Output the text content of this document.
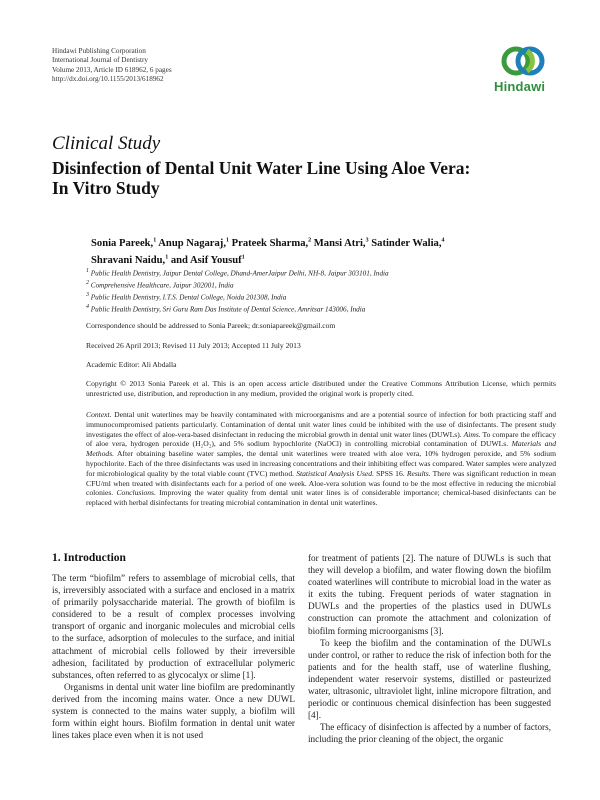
Hindawi Publishing Corporation
International Journal of Dentistry
Volume 2013, Article ID 618962, 6 pages
http://dx.doi.org/10.1155/2013/618962
Hindawi
Clinical Study
Disinfection of Dental Unit Water Line Using Aloe Vera:
In Vitro Study
Sonia Pareek,$^1$ Anup Nagaraj,$^1$ Prateek Sharma,$^2$ Mansi Atri,$^3$ Satinder Walia,$^4$
Shravani Naidu,$^1$ and Asif Yousuf$^1$
$^1$ Public Health Dentistry, Jaipur Dental College, Dhand-AmerJaipur Delhi, NH-8, Jaipur 303101, India
$^2$ Comprehensive Healthcare, Jaipur 302001, India
$^3$ Public Health Dentistry, I.T.S. Dental College, Noida 201308, India
$^4$ Public Health Dentistry, Sri Guru Ram Das Institute of Dental Science, Amritsar 143006, India
Correspondence should be addressed to Sonia Pareek; dr.soniapareek@gmail.com
Received 26 April 2013; Revised 11 July 2013; Accepted 11 July 2013
Academic Editor: Ali Abdalla
Copyright © 2013 Sonia Pareek et al. This is an open access article distributed under the Creative Commons Attribution License, which permits unrestricted use, distribution, and reproduction in any medium, provided the original work is properly cited.
Context. Dental unit waterlines may be heavily contaminated with microorganisms and are a potential source of infection for both practicing staff and immunocompromised patients particularly. Contamination of dental unit water lines could be inhibited with the use of disinfectants. The present study investigates the effect of aloe-vera-based disinfectant in reducing the microbial growth in dental unit water lines (DUWLs). Aims. To compare the efficacy of aloe vera, hydrogen peroxide (H₂O₂), and 5% sodium hypochlorite (NaOCl) in controlling microbial contamination of DUWLs. Materials and Methods. After obtaining baseline water samples, the dental unit waterlines were treated with aloe vera, 10% hydrogen peroxide, and 5% sodium hypochlorite. Each of the three disinfectants was used in increasing concentrations and their inhibiting effect was compared. Water samples were analyzed for microbiological quality by the total viable count (TVC) method. Statistical Analysis Used. SPSS 16. Results. There was significant reduction in mean CFU/ml when treated with disinfectants each for a period of one week. Aloe-vera solution was found to be the most effective in reducing the microbial colonies. Conclusions. Improving the water quality from dental unit water lines is of considerable importance; chemical-based disinfectants can be replaced with herbal disinfectants for treating microbial contamination in dental unit waterlines.
1. Introduction

The term “biofilm” refers to assemblage of microbial cells, that is, irreversibly associated with a surface and enclosed in a matrix of primarily polysaccharide material. The growth of biofilm is considered to be a result of complex processes involving transport of organic and inorganic molecules and microbial cells to the surface, adsorption of molecules to the surface, and initial attachment of microbial cells followed by their irreversible adhesion, facilitated by production of extracellular polymeric substances, often referred to as glycocalyx or slime [1].

Organisms in dental unit water line biofilm are predominantly derived from the incoming mains water. Once a new DUWL system is connected to the mains water supply, a biofilm will form within eight hours. Biofilm formation in dental unit water lines takes place even when it is not used

for treatment of patients [2]. The nature of DUWLs is such that they will develop a biofilm, and water flowing down the biofilm coated waterlines will contribute to microbial load in the water as it exits the tubing. Frequent periods of water stagnation in DUWLs and the properties of the plastics used in DUWLs construction can promote the attachment and colonization of biofilm forming microorganisms [3].

To keep the biofilm and the contamination of the DUWLs under control, or rather to reduce the risk of infection both for the patients and for the health staff, use of waterline flushing, independent water reservoir systems, distilled or pasteurized water, ultrasonic, ultraviolet light, inline micropore filtration, and periodic or continuous chemical disinfection has been suggested [4].

The efficacy of disinfection is affected by a number of factors, including the prior cleaning of the object, the organic
